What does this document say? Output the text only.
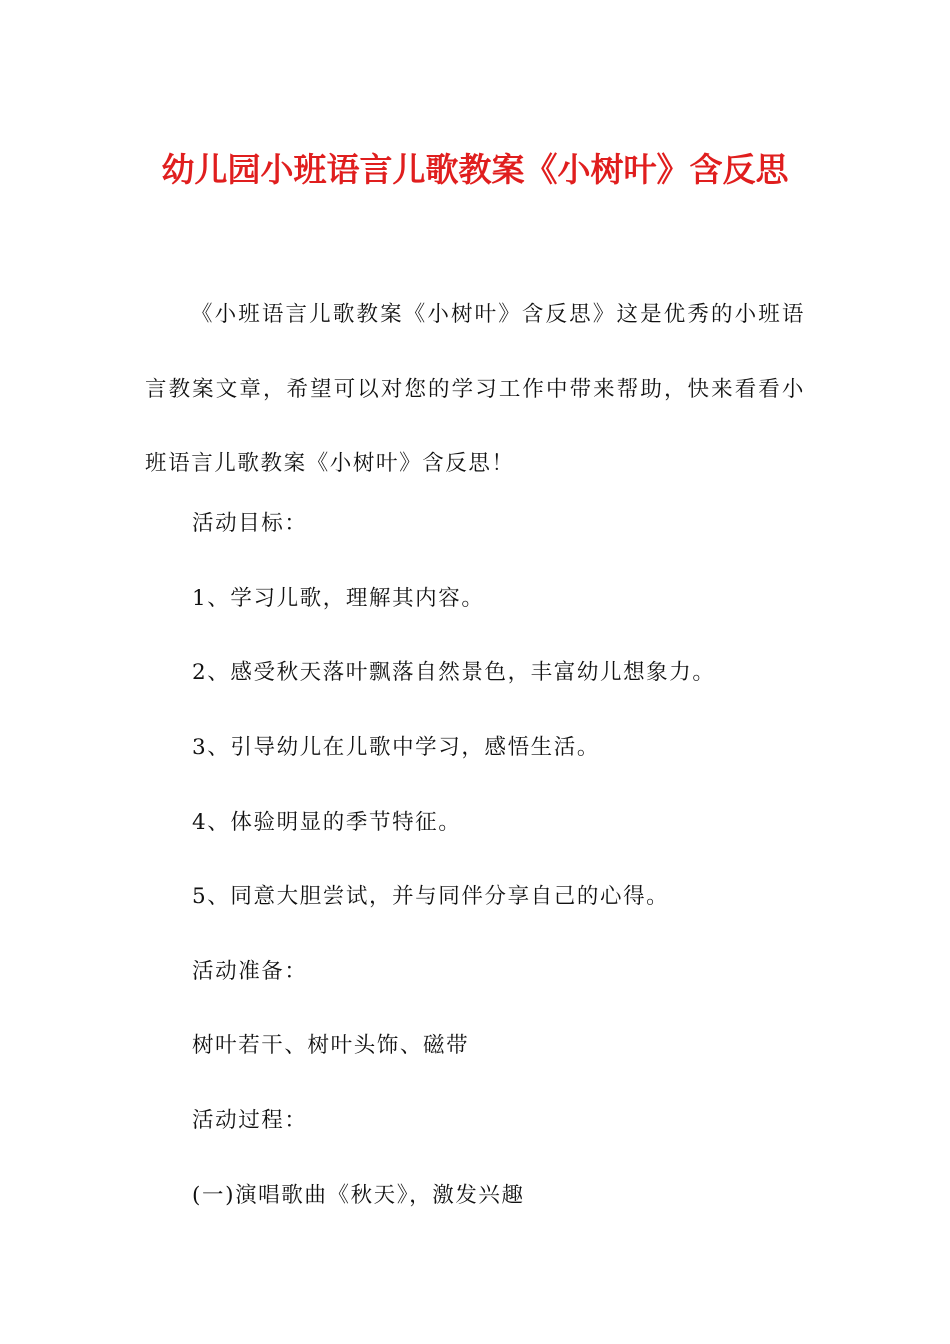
幼儿园小班语言儿歌教案《小树叶》含反思
《小班语言儿歌教案《小树叶》含反思》这是优秀的小班语言教案文章，希望可以对您的学习工作中带来帮助，快来看看小班语言儿歌教案《小树叶》含反思！
活动目标：
1、学习儿歌，理解其内容。
2、感受秋天落叶飘落自然景色，丰富幼儿想象力。
3、引导幼儿在儿歌中学习，感悟生活。
4、体验明显的季节特征。
5、同意大胆尝试，并与同伴分享自己的心得。
活动准备：
树叶若干、树叶头饰、磁带
活动过程：
(一)演唱歌曲《秋天》，激发兴趣
